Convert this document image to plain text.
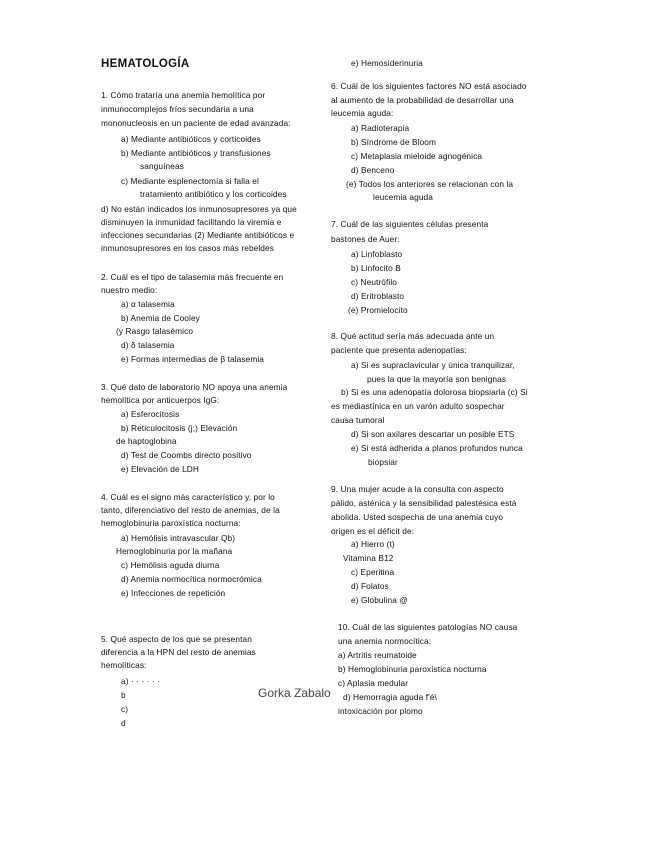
HEMATOLOGÍA
1. Cómo trataría una anemia hemolítica por
inmunocomplejos fríos secundaria a una
mononucleosis en un paciente de edad avanzada:
a) Mediante antibióticos y corticoides
b) Mediante antibióticos y transfusiones
sanguíneas
c) Mediante esplenectomía si falla el
tratamiento antibiótico y los corticoides
d) No están indicados los inmunosupresores ya que
disminuyen la inmunidad facilitando la viremia e
infecciones secundarias (2) Mediante antibióticos e
inmunosupresores en los casos más rebeldes
2. Cuál es el tipo de talasemia más frecuente en
nuestro medio:
a) α talasemia
b) Anemia de Cooley
(y Rasgo talasémico
d) δ talasemia
e) Formas intermedias de β talasemia
3. Qué dato de laboratorio NO apoya una anemia
hemolítica por anticuerpos IgG:
a) Esferocitosis
b) Reticulocitosis (j;) Elevación
de haptoglobina
d) Test de Coombs directo positivo
e) Elevación de LDH
4. Cuál es el signo más característico y, por lo
tanto, diferenciativo del resto de anemias, de la
hemoglobinuria paroxística nocturna:
a) Hemólisis intravascular Qb)
Hemoglobinuria por la mañana
c) Hemólisis aguda diurna
d) Anemia normocítica normocrómica
e) Infecciones de repetición
5. Qué aspecto de los que se presentan
diferencia a la HPN del resto de anemias
hemolíticas:
a) · · · · · ·
b
c)
d
Gorka Zabalo
e) Hemosiderinuria
6. Cuál de los siguientes factores NO está asociado
al aumento de la probabilidad de desarrollar una
leucemia aguda:
a) Radioterapia
b) Síndrome de Bloom
c) Metaplasia mieloide agnogénica
d) Benceno
(e) Todos los anteriores se relacionan con la
leucemia aguda
7. Cuál de las siguientes células presenta
bastones de Auer:
a) Linfoblasto
b) Linfocito B
c) Neutrófilo
d) Eritroblasto
(e) Promielocito
8. Qué actitud sería más adecuada ante un
paciente que presenta adenopatías:
a) Si es supraclavicular y única tranquilizar,
pues la que la mayoría son benignas
b) Si es una adenopatía dolorosa biopsiarla (c) Si
es mediastínica en un varón adulto sospechar
causa tumoral
d) Si son axilares descartar un posible ETS
e) Si está adherida a planos profundos nunca
biopsiar
9. Una mujer acude a la consulta con aspecto
pálido, asténica y la sensibilidad palestésica está
abolida. Usted sospecha de una anemia cuyo
origen es el déficit de:
a) Hierro (t)
Vitamina B12
c) Eperitina
d) Folatos
e) Globulina @
10. Cuál de las siguientes patologías NO causa
una anemia normocítica:
a) Artritis reumatoide
b) Hemoglobinuria paroxística nocturna
c) Aplasia medular
d) Hemorragia aguda f'é\
intoxicación por plomo
